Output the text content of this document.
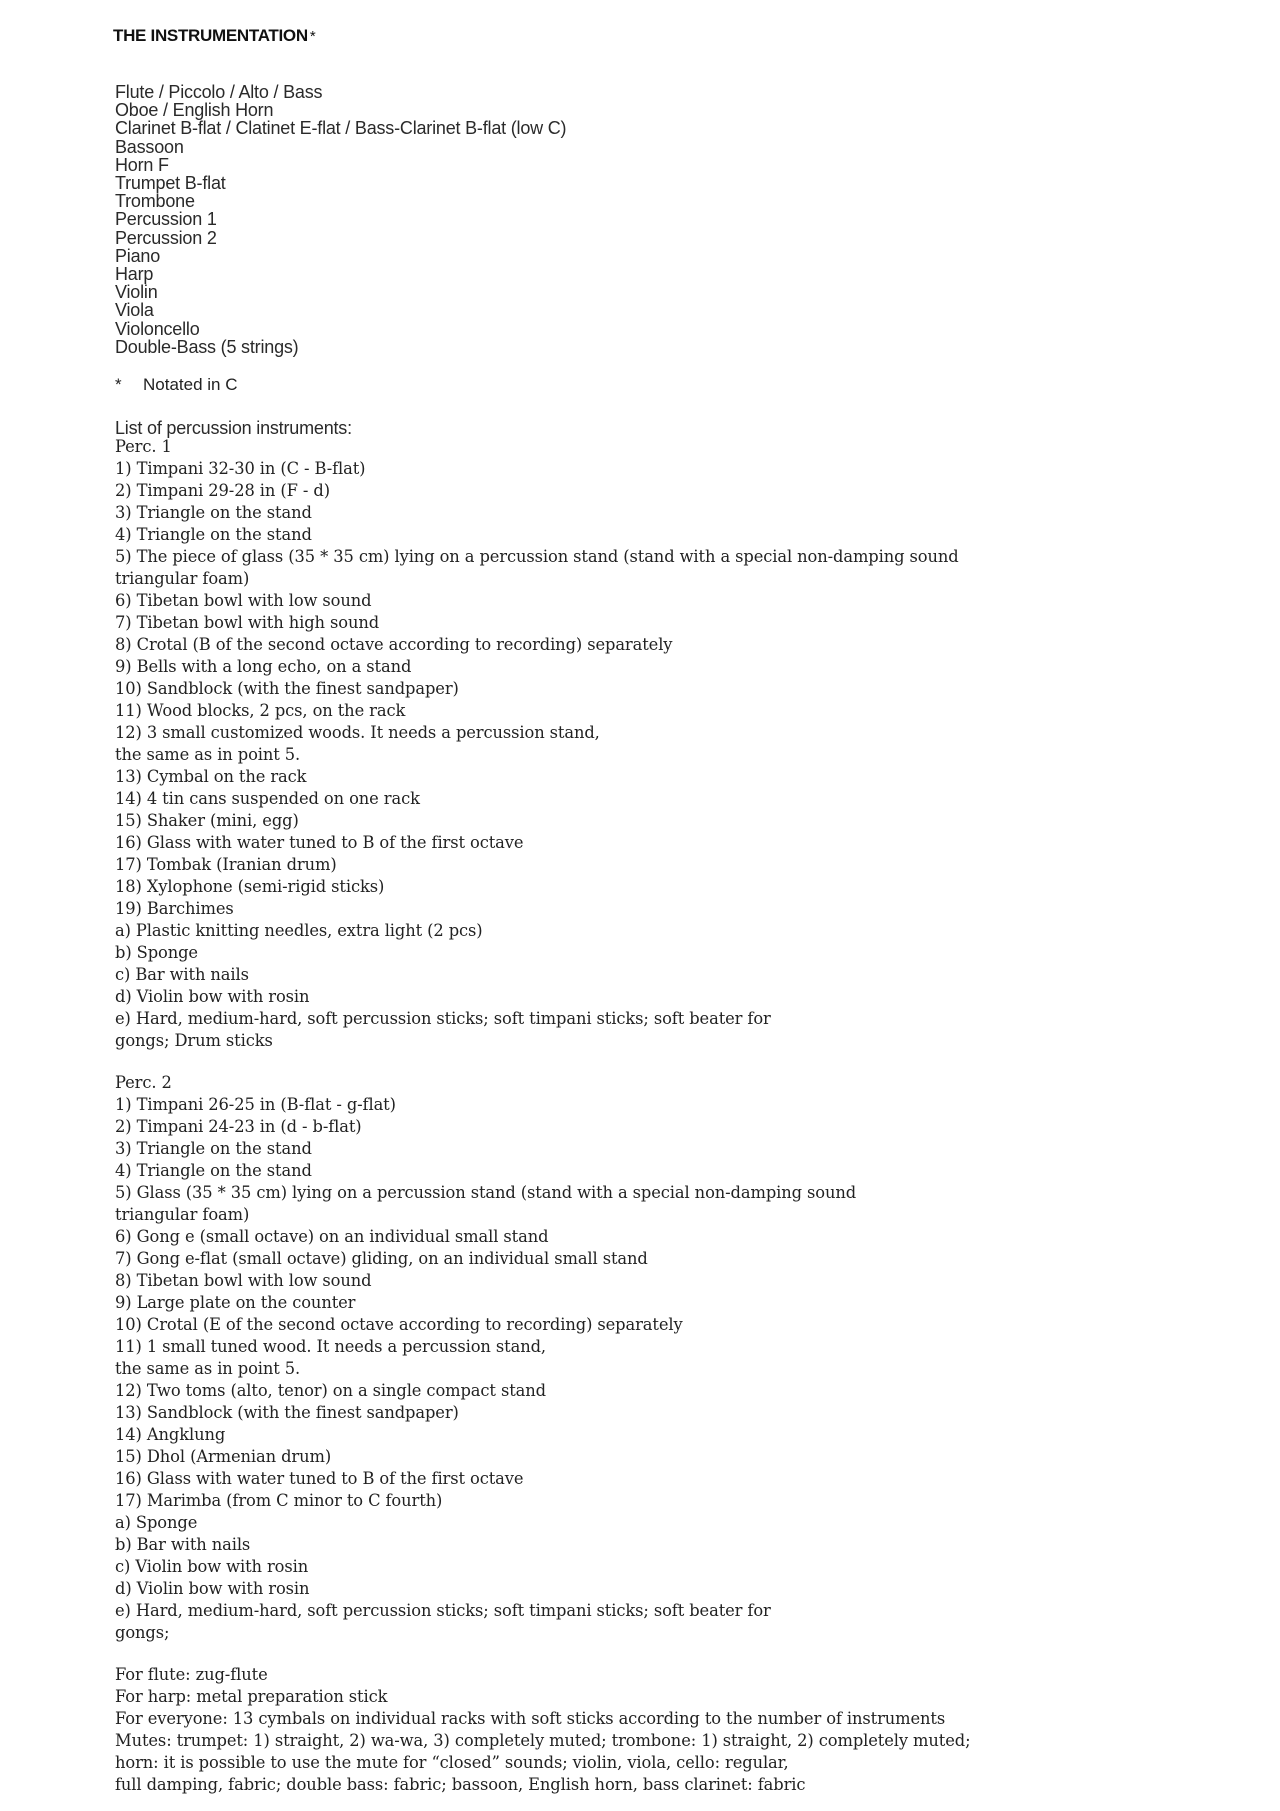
THE INSTRUMENTATION *
Flute / Piccolo / Alto / Bass
Oboe / English Horn
Clarinet B-flat / Clatinet E-flat / Bass-Clarinet B-flat (low C)
Bassoon
Horn F
Trumpet B-flat
Trombone
Percussion 1
Percussion 2
Piano
Harp
Violin
Viola
Violoncello
Double-Bass (5 strings)
* Notated in C
List of percussion instruments:
Perc. 1
1) Timpani 32-30 in (C - B-flat)
2) Timpani 29-28 in (F - d)
3) Triangle on the stand
4) Triangle on the stand
5) The piece of glass (35 * 35 cm) lying on a percussion stand (stand with a special non-damping sound
triangular foam)
6) Tibetan bowl with low sound
7) Tibetan bowl with high sound
8) Crotal (B of the second octave according to recording) separately
9) Bells with a long echo, on a stand
10) Sandblock (with the finest sandpaper)
11) Wood blocks, 2 pcs, on the rack
12) 3 small customized woods. It needs a percussion stand,
the same as in point 5.
13) Cymbal on the rack
14) 4 tin cans suspended on one rack
15) Shaker (mini, egg)
16) Glass with water tuned to B of the first octave
17) Tombak (Iranian drum)
18) Xylophone (semi-rigid sticks)
19) Barchimes
a) Plastic knitting needles, extra light (2 pcs)
b) Sponge
c) Bar with nails
d) Violin bow with rosin
e) Hard, medium-hard, soft percussion sticks; soft timpani sticks; soft beater for
gongs; Drum sticks
Perc. 2
1) Timpani 26-25 in (B-flat - g-flat)
2) Timpani 24-23 in (d - b-flat)
3) Triangle on the stand
4) Triangle on the stand
5) Glass (35 * 35 cm) lying on a percussion stand (stand with a special non-damping sound
triangular foam)
6) Gong e (small octave) on an individual small stand
7) Gong e-flat (small octave) gliding, on an individual small stand
8) Tibetan bowl with low sound
9) Large plate on the counter
10) Crotal (E of the second octave according to recording) separately
11) 1 small tuned wood. It needs a percussion stand,
the same as in point 5.
12) Two toms (alto, tenor) on a single compact stand
13) Sandblock (with the finest sandpaper)
14) Angklung
15) Dhol (Armenian drum)
16) Glass with water tuned to B of the first octave
17) Marimba (from C minor to C fourth)
a) Sponge
b) Bar with nails
c) Violin bow with rosin
d) Violin bow with rosin
e) Hard, medium-hard, soft percussion sticks; soft timpani sticks; soft beater for
gongs;
For flute: zug-flute
For harp: metal preparation stick
For everyone: 13 cymbals on individual racks with soft sticks according to the number of instruments
Mutes: trumpet: 1) straight, 2) wa-wa, 3) completely muted; trombone: 1) straight, 2) completely muted;
horn: it is possible to use the mute for “closed” sounds; violin, viola, cello: regular,
full damping, fabric; double bass: fabric; bassoon, English horn, bass clarinet: fabric
